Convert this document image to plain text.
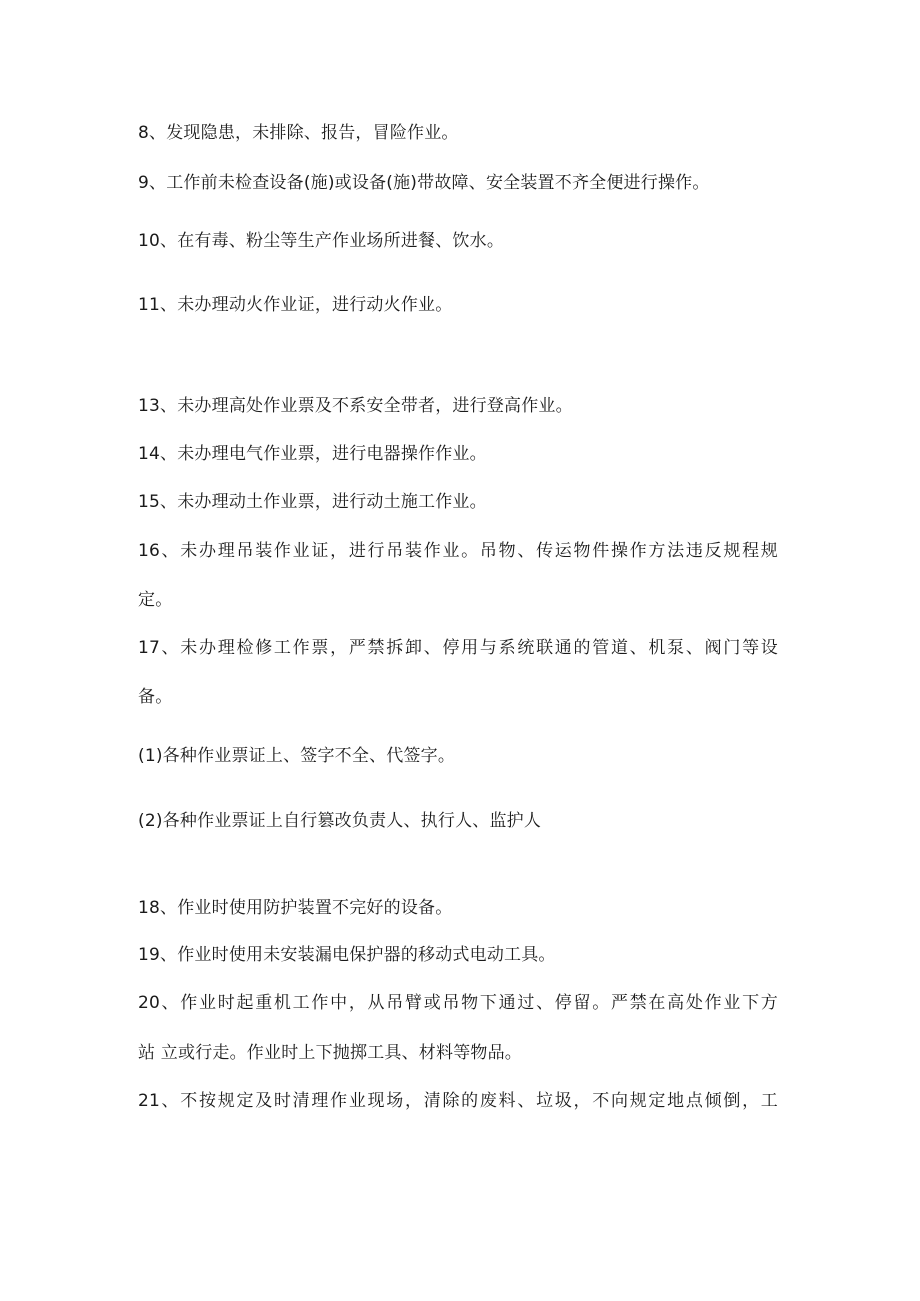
8、发现隐患，未排除、报告，冒险作业。
9、工作前未检查设备(施)或设备(施)带故障、安全装置不齐全便进行操作。
10、在有毒、粉尘等生产作业场所进餐、饮水。
11、未办理动火作业证，进行动火作业。
13、未办理高处作业票及不系安全带者，进行登高作业。
14、未办理电气作业票，进行电器操作作业。
15、未办理动土作业票，进行动土施工作业。
16、未办理吊装作业证，进行吊装作业。吊物、传运物件操作方法违反规程规
定。
17、未办理检修工作票，严禁拆卸、停用与系统联通的管道、机泵、阀门等设
备。
(1)各种作业票证上、签字不全、代签字。
(2)各种作业票证上自行篡改负责人、执行人、监护人
18、作业时使用防护装置不完好的设备。
19、作业时使用未安装漏电保护器的移动式电动工具。
20、作业时起重机工作中，从吊臂或吊物下通过、停留。严禁在高处作业下方
站 立或行走。作业时上下抛掷工具、材料等物品。
21、不按规定及时清理作业现场，清除的废料、垃圾，不向规定地点倾倒，工
